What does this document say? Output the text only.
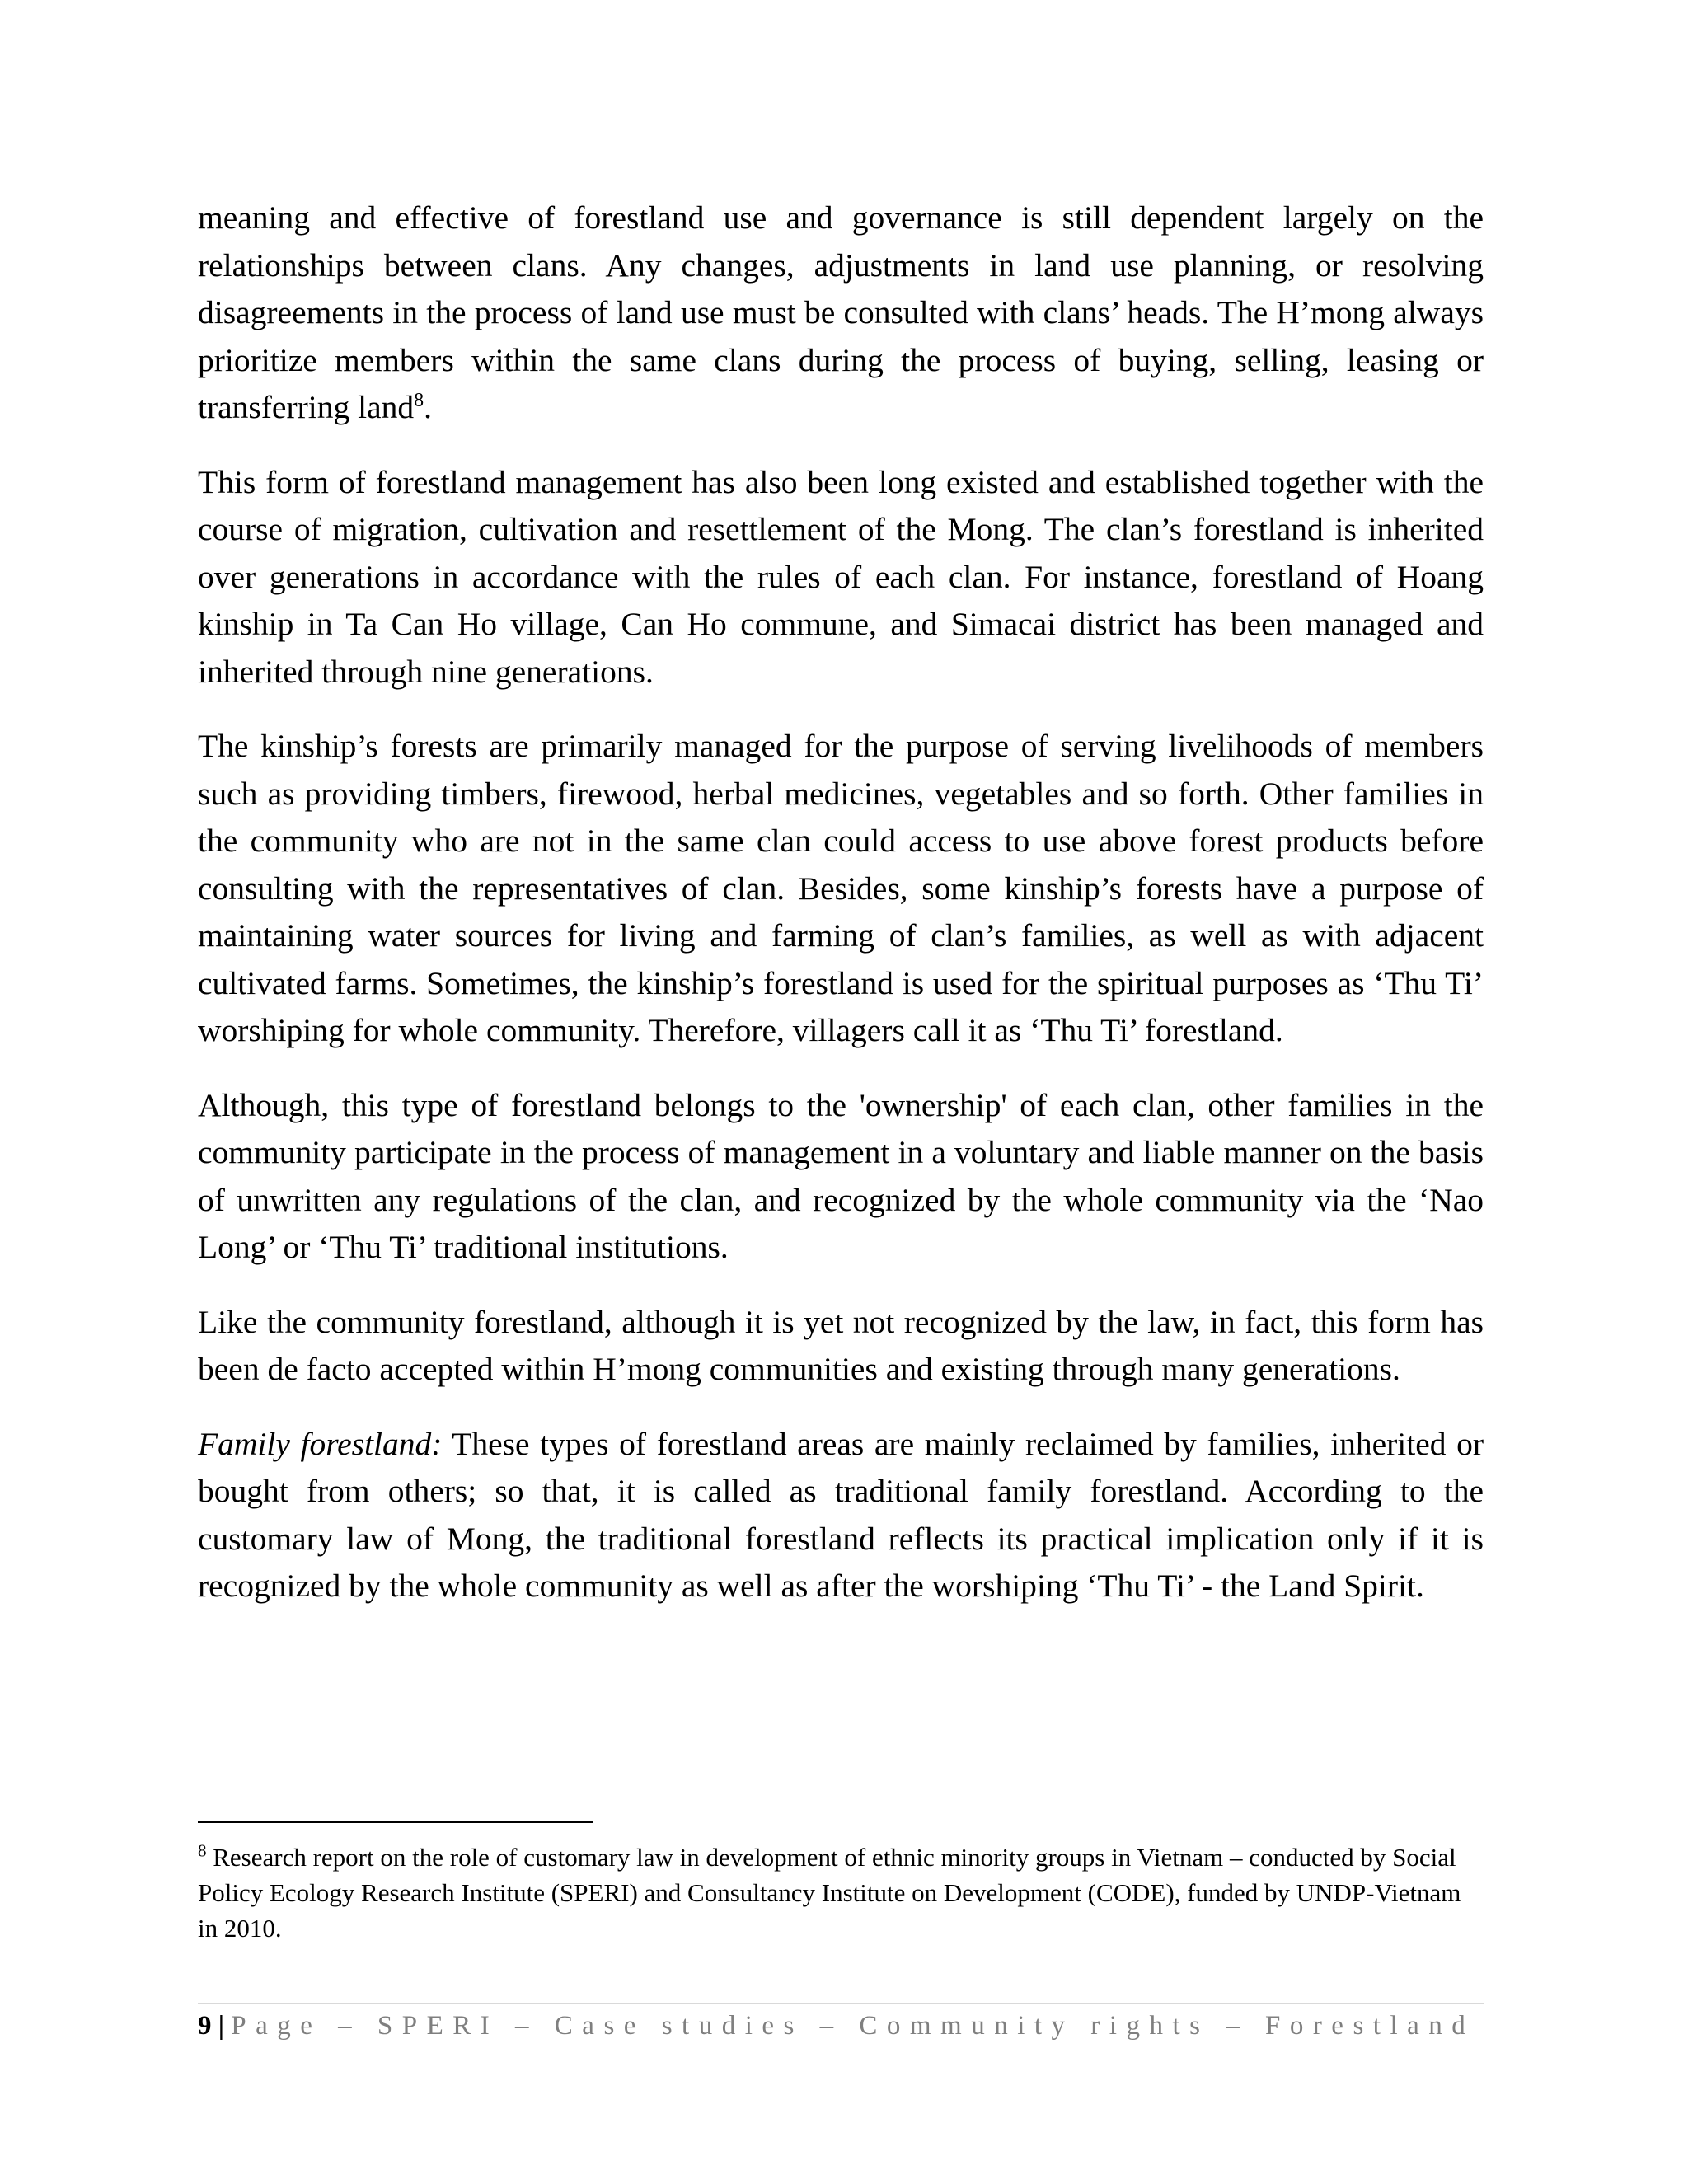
meaning and effective of forestland use and governance is still dependent largely on the relationships between clans. Any changes, adjustments in land use planning, or resolving disagreements in the process of land use must be consulted with clans’ heads. The H’mong always prioritize members within the same clans during the process of buying, selling, leasing or transferring land$^8$.

This form of forestland management has also been long existed and established together with the course of migration, cultivation and resettlement of the Mong. The clan’s forestland is inherited over generations in accordance with the rules of each clan. For instance, forestland of Hoang kinship in Ta Can Ho village, Can Ho commune, and Simacai district has been managed and inherited through nine generations.

The kinship’s forests are primarily managed for the purpose of serving livelihoods of members such as providing timbers, firewood, herbal medicines, vegetables and so forth. Other families in the community who are not in the same clan could access to use above forest products before consulting with the representatives of clan. Besides, some kinship’s forests have a purpose of maintaining water sources for living and farming of clan’s families, as well as with adjacent cultivated farms. Sometimes, the kinship’s forestland is used for the spiritual purposes as ‘Thu Ti’ worshiping for whole community. Therefore, villagers call it as ‘Thu Ti’ forestland.

Although, this type of forestland belongs to the 'ownership' of each clan, other families in the community participate in the process of management in a voluntary and liable manner on the basis of unwritten any regulations of the clan, and recognized by the whole community via the ‘Nao Long’ or ‘Thu Ti’ traditional institutions.

Like the community forestland, although it is yet not recognized by the law, in fact, this form has been de facto accepted within H’mong communities and existing through many generations.

Family forestland: These types of forestland areas are mainly reclaimed by families, inherited or bought from others; so that, it is called as traditional family forestland. According to the customary law of Mong, the traditional forestland reflects its practical implication only if it is recognized by the whole community as well as after the worshiping ‘Thu Ti’ - the Land Spirit.

$^8$ Research report on the role of customary law in development of ethnic minority groups in Vietnam – conducted by Social Policy Ecology Research Institute (SPERI) and Consultancy Institute on Development (CODE), funded by UNDP-Vietnam in 2010.

9 | Page – SPERI – Case studies – Community rights – Forestland
